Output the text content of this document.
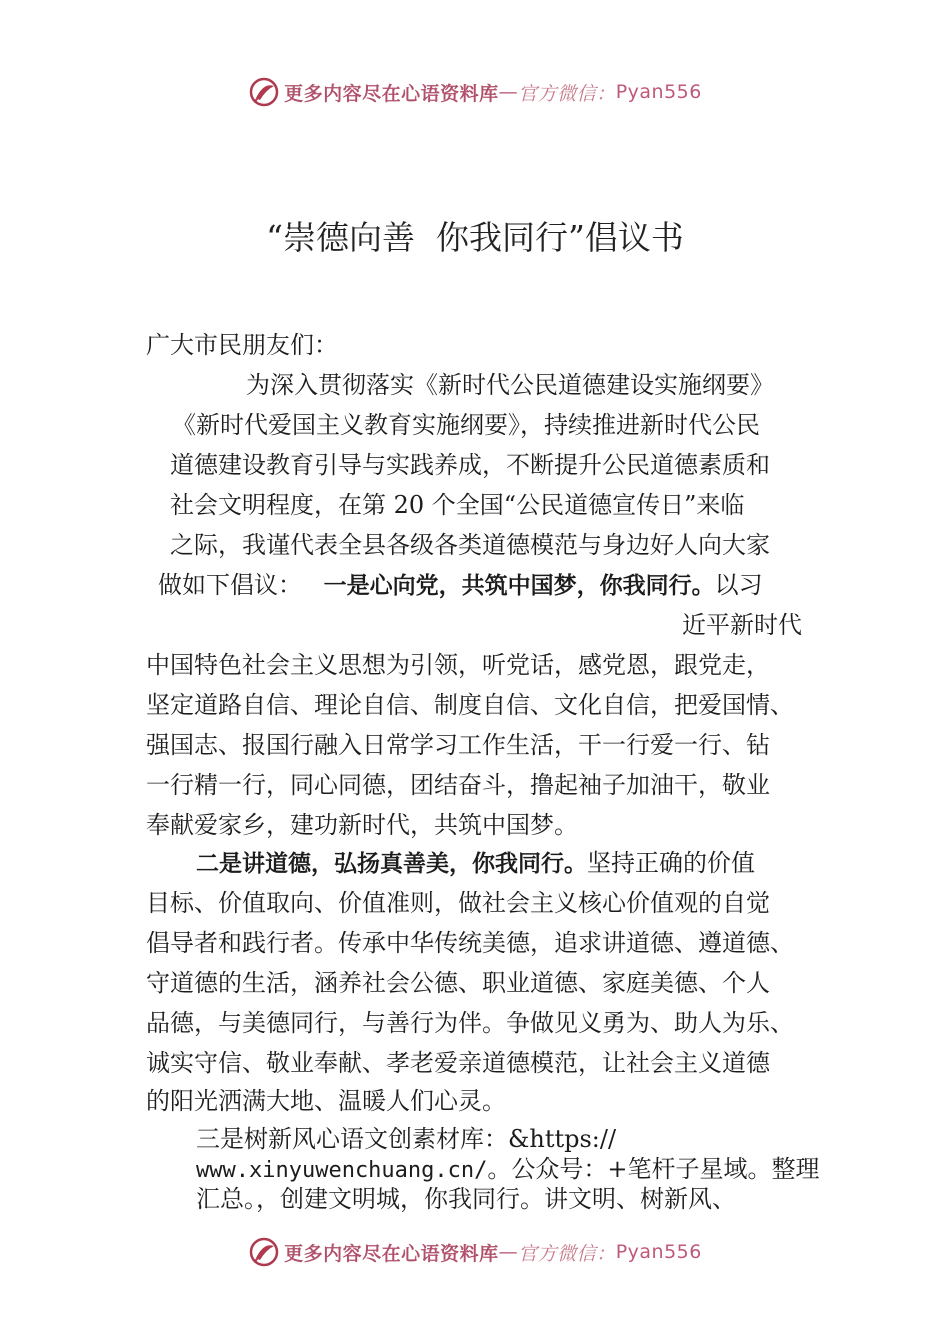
更多内容尽在心语资料库 — 官方微信： Pyan556
“崇德向善  你我同行”倡议书
广大市民朋友们：
为深入贯彻落实《新时代公民道德建设实施纲要》
《新时代爱国主义教育实施纲要》，持续推进新时代公民
道德建设教育引导与实践养成，不断提升公民道德素质和
社会文明程度，在第 20 个全国“公民道德宣传日”来临
之际，我谨代表全县各级各类道德模范与身边好人向大家
做如下倡议： 一是心向党，共筑中国梦，你我同行。以习
近平新时代
中国特色社会主义思想为引领，听党话，感党恩，跟党走，
坚定道路自信、理论自信、制度自信、文化自信，把爱国情、
强国志、报国行融入日常学习工作生活，干一行爱一行、钻
一行精一行，同心同德，团结奋斗，撸起袖子加油干，敬业
奉献爱家乡，建功新时代，共筑中国梦。
二是讲道德，弘扬真善美，你我同行。坚持正确的价值
目标、价值取向、价值准则，做社会主义核心价值观的自觉
倡导者和践行者。传承中华传统美德，追求讲道德、遵道德、
守道德的生活，涵养社会公德、职业道德、家庭美德、个人
品德，与美德同行，与善行为伴。争做见义勇为、助人为乐、
诚实守信、敬业奉献、孝老爱亲道德模范，让社会主义道德
的阳光洒满大地、温暖人们心灵。
三是树新风心语文创素材库：&https://
www.xinyuwenchuang.cn/。公众号：+笔杆子星域。整理
汇总。，创建文明城，你我同行。讲文明、树新风、
更多内容尽在心语资料库 — 官方微信： Pyan556
